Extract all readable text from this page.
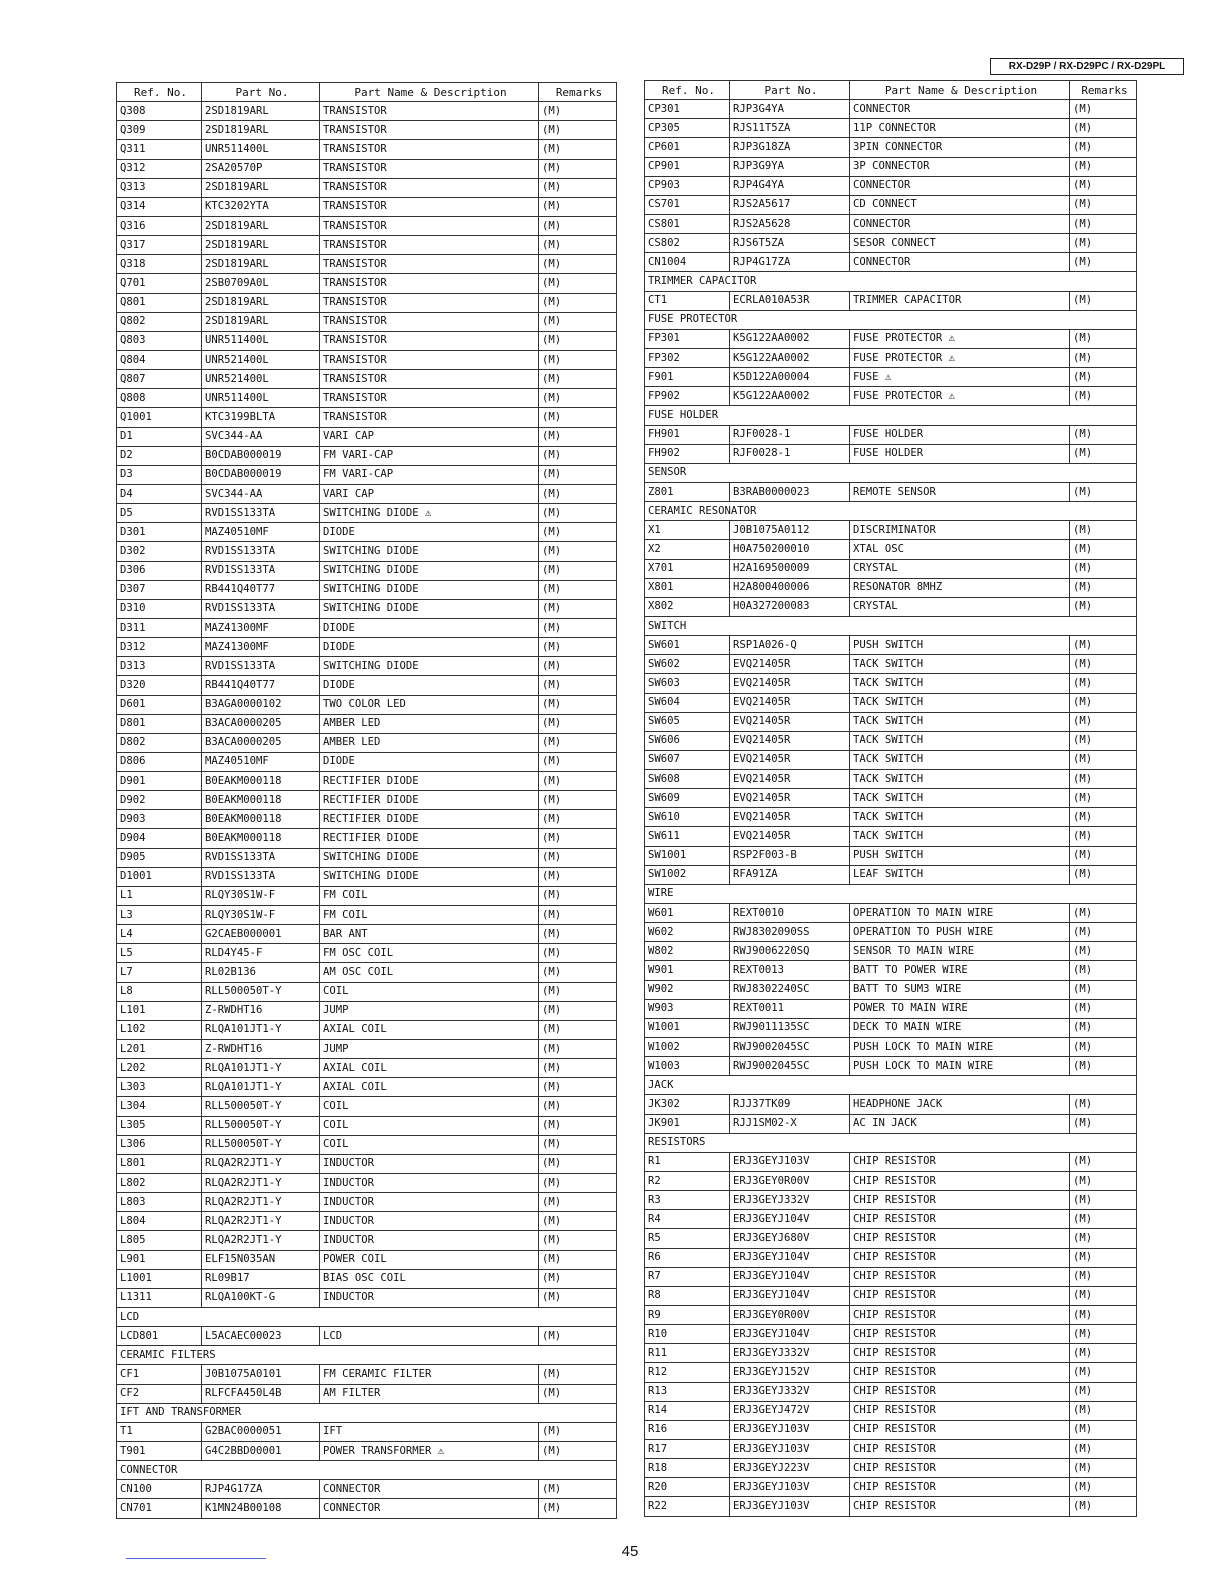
RX-D29P / RX-D29PC / RX-D29PL
Ref. No.	Part No.	Part Name & Description	Remarks
Q308	2SD1819ARL	TRANSISTOR	(M)
Q309	2SD1819ARL	TRANSISTOR	(M)
Q311	UNR511400L	TRANSISTOR	(M)
Q312	2SA20570P	TRANSISTOR	(M)
Q313	2SD1819ARL	TRANSISTOR	(M)
Q314	KTC3202YTA	TRANSISTOR	(M)
Q316	2SD1819ARL	TRANSISTOR	(M)
Q317	2SD1819ARL	TRANSISTOR	(M)
Q318	2SD1819ARL	TRANSISTOR	(M)
Q701	2SB0709A0L	TRANSISTOR	(M)
Q801	2SD1819ARL	TRANSISTOR	(M)
Q802	2SD1819ARL	TRANSISTOR	(M)
Q803	UNR511400L	TRANSISTOR	(M)
Q804	UNR521400L	TRANSISTOR	(M)
Q807	UNR521400L	TRANSISTOR	(M)
Q808	UNR511400L	TRANSISTOR	(M)
Q1001	KTC3199BLTA	TRANSISTOR	(M)
D1	SVC344-AA	VARI CAP	(M)
D2	B0CDAB000019	FM VARI-CAP	(M)
D3	B0CDAB000019	FM VARI-CAP	(M)
D4	SVC344-AA	VARI CAP	(M)
D5	RVD1SS133TA	SWITCHING DIODE ⚠	(M)
D301	MAZ40510MF	DIODE	(M)
D302	RVD1SS133TA	SWITCHING DIODE	(M)
D306	RVD1SS133TA	SWITCHING DIODE	(M)
D307	RB441Q40T77	SWITCHING DIODE	(M)
D310	RVD1SS133TA	SWITCHING DIODE	(M)
D311	MAZ41300MF	DIODE	(M)
D312	MAZ41300MF	DIODE	(M)
D313	RVD1SS133TA	SWITCHING DIODE	(M)
D320	RB441Q40T77	DIODE	(M)
D601	B3AGA0000102	TWO COLOR LED	(M)
D801	B3ACA0000205	AMBER LED	(M)
D802	B3ACA0000205	AMBER LED	(M)
D806	MAZ40510MF	DIODE	(M)
D901	B0EAKM000118	RECTIFIER DIODE	(M)
D902	B0EAKM000118	RECTIFIER DIODE	(M)
D903	B0EAKM000118	RECTIFIER DIODE	(M)
D904	B0EAKM000118	RECTIFIER DIODE	(M)
D905	RVD1SS133TA	SWITCHING DIODE	(M)
D1001	RVD1SS133TA	SWITCHING DIODE	(M)
L1	RLQY30S1W-F	FM COIL	(M)
L3	RLQY30S1W-F	FM COIL	(M)
L4	G2CAEB000001	BAR ANT	(M)
L5	RLD4Y45-F	FM OSC COIL	(M)
L7	RL02B136	AM OSC COIL	(M)
L8	RLL500050T-Y	COIL	(M)
L101	Z-RWDHT16	JUMP	(M)
L102	RLQA101JT1-Y	AXIAL COIL	(M)
L201	Z-RWDHT16	JUMP	(M)
L202	RLQA101JT1-Y	AXIAL COIL	(M)
L303	RLQA101JT1-Y	AXIAL COIL	(M)
L304	RLL500050T-Y	COIL	(M)
L305	RLL500050T-Y	COIL	(M)
L306	RLL500050T-Y	COIL	(M)
L801	RLQA2R2JT1-Y	INDUCTOR	(M)
L802	RLQA2R2JT1-Y	INDUCTOR	(M)
L803	RLQA2R2JT1-Y	INDUCTOR	(M)
L804	RLQA2R2JT1-Y	INDUCTOR	(M)
L805	RLQA2R2JT1-Y	INDUCTOR	(M)
L901	ELF15N035AN	POWER COIL	(M)
L1001	RL09B17	BIAS OSC COIL	(M)
L1311	RLQA100KT-G	INDUCTOR	(M)
LCD			
LCD801	L5ACAEC00023	LCD	(M)
CERAMIC FILTERS			
CF1	J0B1075A0101	FM CERAMIC FILTER	(M)
CF2	RLFCFA450L4B	AM FILTER	(M)
IFT AND TRANSFORMER			
T1	G2BAC0000051	IFT	(M)
T901	G4C2BBD00001	POWER TRANSFORMER ⚠	(M)
CONNECTOR			
CN100	RJP4G17ZA	CONNECTOR	(M)
CN701	K1MN24B00108	CONNECTOR	(M)
Ref. No.	Part No.	Part Name & Description	Remarks
CP301	RJP3G4YA	CONNECTOR	(M)
CP305	RJS11T5ZA	11P CONNECTOR	(M)
CP601	RJP3G18ZA	3PIN CONNECTOR	(M)
CP901	RJP3G9YA	3P CONNECTOR	(M)
CP903	RJP4G4YA	CONNECTOR	(M)
CS701	RJS2A5617	CD CONNECT	(M)
CS801	RJS2A5628	CONNECTOR	(M)
CS802	RJS6T5ZA	SESOR CONNECT	(M)
CN1004	RJP4G17ZA	CONNECTOR	(M)
TRIMMER CAPACITOR			
CT1	ECRLA010A53R	TRIMMER CAPACITOR	(M)
FUSE PROTECTOR			
FP301	K5G122AA0002	FUSE PROTECTOR ⚠	(M)
FP302	K5G122AA0002	FUSE PROTECTOR ⚠	(M)
F901	K5D122A00004	FUSE ⚠	(M)
FP902	K5G122AA0002	FUSE PROTECTOR ⚠	(M)
FUSE HOLDER			
FH901	RJF0028-1	FUSE HOLDER	(M)
FH902	RJF0028-1	FUSE HOLDER	(M)
SENSOR			
Z801	B3RAB0000023	REMOTE SENSOR	(M)
CERAMIC RESONATOR			
X1	J0B1075A0112	DISCRIMINATOR	(M)
X2	H0A750200010	XTAL OSC	(M)
X701	H2A169500009	CRYSTAL	(M)
X801	H2A800400006	RESONATOR 8MHZ	(M)
X802	H0A327200083	CRYSTAL	(M)
SWITCH			
SW601	RSP1A026-Q	PUSH SWITCH	(M)
SW602	EVQ21405R	TACK SWITCH	(M)
SW603	EVQ21405R	TACK SWITCH	(M)
SW604	EVQ21405R	TACK SWITCH	(M)
SW605	EVQ21405R	TACK SWITCH	(M)
SW606	EVQ21405R	TACK SWITCH	(M)
SW607	EVQ21405R	TACK SWITCH	(M)
SW608	EVQ21405R	TACK SWITCH	(M)
SW609	EVQ21405R	TACK SWITCH	(M)
SW610	EVQ21405R	TACK SWITCH	(M)
SW611	EVQ21405R	TACK SWITCH	(M)
SW1001	RSP2F003-B	PUSH SWITCH	(M)
SW1002	RFA91ZA	LEAF SWITCH	(M)
WIRE			
W601	REXT0010	OPERATION TO MAIN WIRE	(M)
W602	RWJ8302090SS	OPERATION TO PUSH WIRE	(M)
W802	RWJ9006220SQ	SENSOR TO MAIN WIRE	(M)
W901	REXT0013	BATT TO POWER WIRE	(M)
W902	RWJ8302240SC	BATT TO SUM3 WIRE	(M)
W903	REXT0011	POWER TO MAIN WIRE	(M)
W1001	RWJ9011135SC	DECK TO MAIN WIRE	(M)
W1002	RWJ9002045SC	PUSH LOCK TO MAIN WIRE	(M)
W1003	RWJ9002045SC	PUSH LOCK TO MAIN WIRE	(M)
JACK			
JK302	RJJ37TK09	HEADPHONE JACK	(M)
JK901	RJJ1SM02-X	AC IN JACK	(M)
RESISTORS			
R1	ERJ3GEYJ103V	CHIP RESISTOR	(M)
R2	ERJ3GEY0R00V	CHIP RESISTOR	(M)
R3	ERJ3GEYJ332V	CHIP RESISTOR	(M)
R4	ERJ3GEYJ104V	CHIP RESISTOR	(M)
R5	ERJ3GEYJ680V	CHIP RESISTOR	(M)
R6	ERJ3GEYJ104V	CHIP RESISTOR	(M)
R7	ERJ3GEYJ104V	CHIP RESISTOR	(M)
R8	ERJ3GEYJ104V	CHIP RESISTOR	(M)
R9	ERJ3GEY0R00V	CHIP RESISTOR	(M)
R10	ERJ3GEYJ104V	CHIP RESISTOR	(M)
R11	ERJ3GEYJ332V	CHIP RESISTOR	(M)
R12	ERJ3GEYJ152V	CHIP RESISTOR	(M)
R13	ERJ3GEYJ332V	CHIP RESISTOR	(M)
R14	ERJ3GEYJ472V	CHIP RESISTOR	(M)
R16	ERJ3GEYJ103V	CHIP RESISTOR	(M)
R17	ERJ3GEYJ103V	CHIP RESISTOR	(M)
R18	ERJ3GEYJ223V	CHIP RESISTOR	(M)
R20	ERJ3GEYJ103V	CHIP RESISTOR	(M)
R22	ERJ3GEYJ103V	CHIP RESISTOR	(M)
45
